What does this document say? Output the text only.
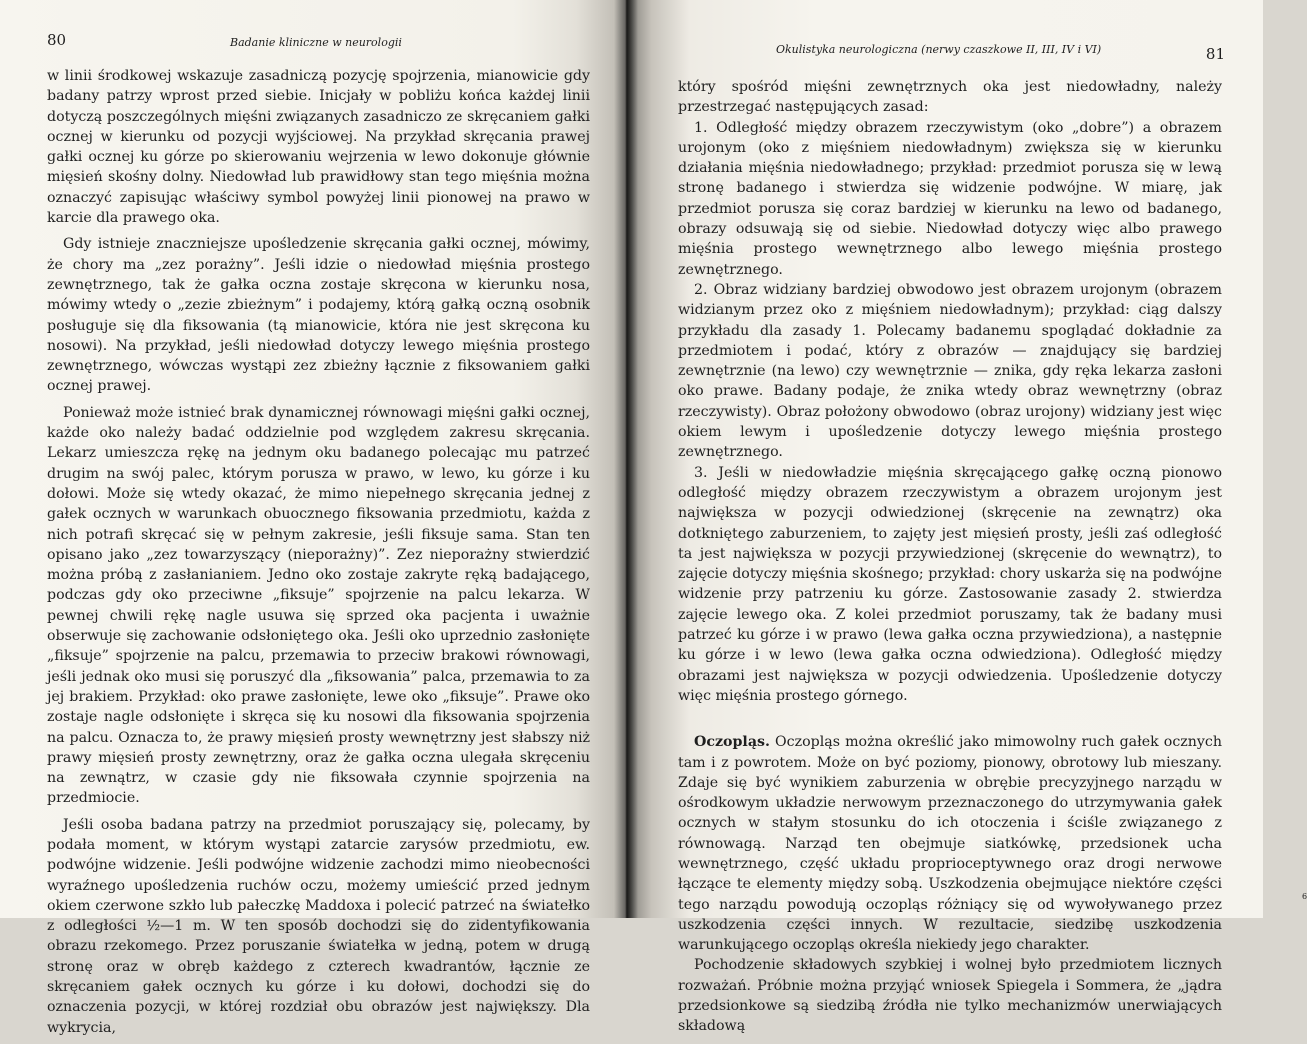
80	Badanie kliniczne w neurologii

w linii środkowej wskazuje zasadniczą pozycję spojrzenia, mianowicie gdy badany patrzy wprost przed siebie. Inicjały w pobliżu końca każdej linii dotyczą poszczególnych mięśni związanych zasadniczo ze skręcaniem gałki ocznej w kierunku od pozycji wyjściowej. Na przykład skręcania prawej gałki ocznej ku górze po skierowaniu wejrzenia w lewo dokonuje głównie mięsień skośny dolny. Niedowład lub prawidłowy stan tego mięśnia można oznaczyć zapisując właściwy symbol powyżej linii pionowej na prawo w karcie dla prawego oka.

Gdy istnieje znaczniejsze upośledzenie skręcania gałki ocznej, mówimy, że chory ma „zez porażny”. Jeśli idzie o niedowład mięśnia prostego zewnętrznego, tak że gałka oczna zostaje skręcona w kierunku nosa, mówimy wtedy o „zezie zbieżnym” i podajemy, którą gałką oczną osobnik posługuje się dla fiksowania (tą mianowicie, która nie jest skręcona ku nosowi). Na przykład, jeśli niedowład dotyczy lewego mięśnia prostego zewnętrznego, wówczas wystąpi zez zbieżny łącznie z fiksowaniem gałki ocznej prawej.

Ponieważ może istnieć brak dynamicznej równowagi mięśni gałki ocznej, każde oko należy badać oddzielnie pod względem zakresu skręcania. Lekarz umieszcza rękę na jednym oku badanego polecając mu patrzeć drugim na swój palec, którym porusza w prawo, w lewo, ku górze i ku dołowi. Może się wtedy okazać, że mimo niepełnego skręcania jednej z gałek ocznych w warunkach obuocznego fiksowania przedmiotu, każda z nich potrafi skręcać się w pełnym zakresie, jeśli fiksuje sama. Stan ten opisano jako „zez towarzyszący (nieporażny)”. Zez nieporażny stwierdzić można próbą z zasłanianiem. Jedno oko zostaje zakryte ręką badającego, podczas gdy oko przeciwne „fiksuje” spojrzenie na palcu lekarza. W pewnej chwili rękę nagle usuwa się sprzed oka pacjenta i uważnie obserwuje się zachowanie odsłoniętego oka. Jeśli oko uprzednio zasłonięte „fiksuje” spojrzenie na palcu, przemawia to przeciw brakowi równowagi, jeśli jednak oko musi się poruszyć dla „fiksowania” palca, przemawia to za jej brakiem. Przykład: oko prawe zasłonięte, lewe oko „fiksuje”. Prawe oko zostaje nagle odsłonięte i skręca się ku nosowi dla fiksowania spojrzenia na palcu. Oznacza to, że prawy mięsień prosty wewnętrzny jest słabszy niż prawy mięsień prosty zewnętrzny, oraz że gałka oczna ulegała skręceniu na zewnątrz, w czasie gdy nie fiksowała czynnie spojrzenia na przedmiocie.

Jeśli osoba badana patrzy na przedmiot poruszający się, polecamy, by podała moment, w którym wystąpi zatarcie zarysów przedmiotu, ew. podwójne widzenie. Jeśli podwójne widzenie zachodzi mimo nieobecności wyraźnego upośledzenia ruchów oczu, możemy umieścić przed jednym okiem czerwone szkło lub pałeczkę Maddoxa i polecić patrzeć na światełko z odległości ½—1 m. W ten sposób dochodzi się do zidentyfikowania obrazu rzekomego. Przez poruszanie światełka w jedną, potem w drugą stronę oraz w obręb każdego z czterech kwadrantów, łącznie ze skręcaniem gałek ocznych ku górze i ku dołowi, dochodzi się do oznaczenia pozycji, w której rozdział obu obrazów jest największy. Dla wykrycia,

Okulistyka neurologiczna (nerwy czaszkowe II, III, IV i VI)	81

który spośród mięśni zewnętrznych oka jest niedowładny, należy przestrzegać następujących zasad:

1. Odległość między obrazem rzeczywistym (oko „dobre”) a obrazem urojonym (oko z mięśniem niedowładnym) zwiększa się w kierunku działania mięśnia niedowładnego; przykład: przedmiot porusza się w lewą stronę badanego i stwierdza się widzenie podwójne. W miarę, jak przedmiot porusza się coraz bardziej w kierunku na lewo od badanego, obrazy odsuwają się od siebie. Niedowład dotyczy więc albo prawego mięśnia prostego wewnętrznego albo lewego mięśnia prostego zewnętrznego.

2. Obraz widziany bardziej obwodowo jest obrazem urojonym (obrazem widzianym przez oko z mięśniem niedowładnym); przykład: ciąg dalszy przykładu dla zasady 1. Polecamy badanemu spoglądać dokładnie za przedmiotem i podać, który z obrazów — znajdujący się bardziej zewnętrznie (na lewo) czy wewnętrznie — znika, gdy ręka lekarza zasłoni oko prawe. Badany podaje, że znika wtedy obraz wewnętrzny (obraz rzeczywisty). Obraz położony obwodowo (obraz urojony) widziany jest więc okiem lewym i upośledzenie dotyczy lewego mięśnia prostego zewnętrznego.

3. Jeśli w niedowładzie mięśnia skręcającego gałkę oczną pionowo odległość między obrazem rzeczywistym a obrazem urojonym jest największa w pozycji odwiedzionej (skręcenie na zewnątrz) oka dotkniętego zaburzeniem, to zajęty jest mięsień prosty, jeśli zaś odległość ta jest największa w pozycji przywiedzionej (skręcenie do wewnątrz), to zajęcie dotyczy mięśnia skośnego; przykład: chory uskarża się na podwójne widzenie przy patrzeniu ku górze. Zastosowanie zasady 2. stwierdza zajęcie lewego oka. Z kolei przedmiot poruszamy, tak że badany musi patrzeć ku górze i w prawo (lewa gałka oczna przywiedziona), a następnie ku górze i w lewo (lewa gałka oczna odwiedziona). Odległość między obrazami jest największa w pozycji odwiedzenia. Upośledzenie dotyczy więc mięśnia prostego górnego.

Oczopląs. Oczopląs można określić jako mimowolny ruch gałek ocznych tam i z powrotem. Może on być poziomy, pionowy, obrotowy lub mieszany. Zdaje się być wynikiem zaburzenia w obrębie precyzyjnego narządu w ośrodkowym układzie nerwowym przeznaczonego do utrzymywania gałek ocznych w stałym stosunku do ich otoczenia i ściśle związanego z równowagą. Narząd ten obejmuje siatkówkę, przedsionek ucha wewnętrznego, część układu proprioceptywnego oraz drogi nerwowe łączące te elementy między sobą. Uszkodzenia obejmujące niektóre części tego narządu powodują oczopląs różniący się od wywoływanego przez uszkodzenia części innych. W rezultacie, siedzibę uszkodzenia warunkującego oczopląs określa niekiedy jego charakter.

Pochodzenie składowych szybkiej i wolnej było przedmiotem licznych rozważań. Próbnie można przyjąć wniosek Spiegela i Sommera, że „jądra przedsionkowe są siedzibą źródła nie tylko mechanizmów unerwiających składową

6
